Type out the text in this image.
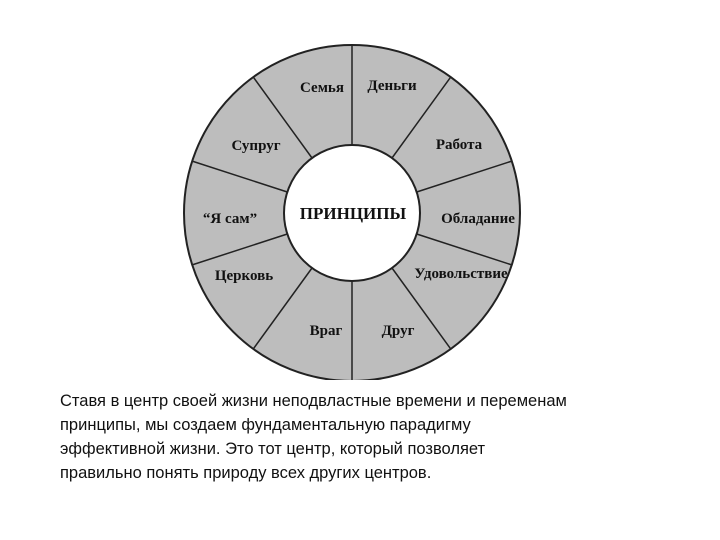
ПРИНЦИПЫ
Семья Деньги
Работа
Обладание
Удовольствие
Друг
Враг
Церковь
“Я сам”
Супруг

Ставя в центр своей жизни неподвластные времени и переменам
принципы, мы создаем фундаментальную парадигму
эффективной жизни. Это тот центр, который позволяет
правильно понять природу всех других центров.
